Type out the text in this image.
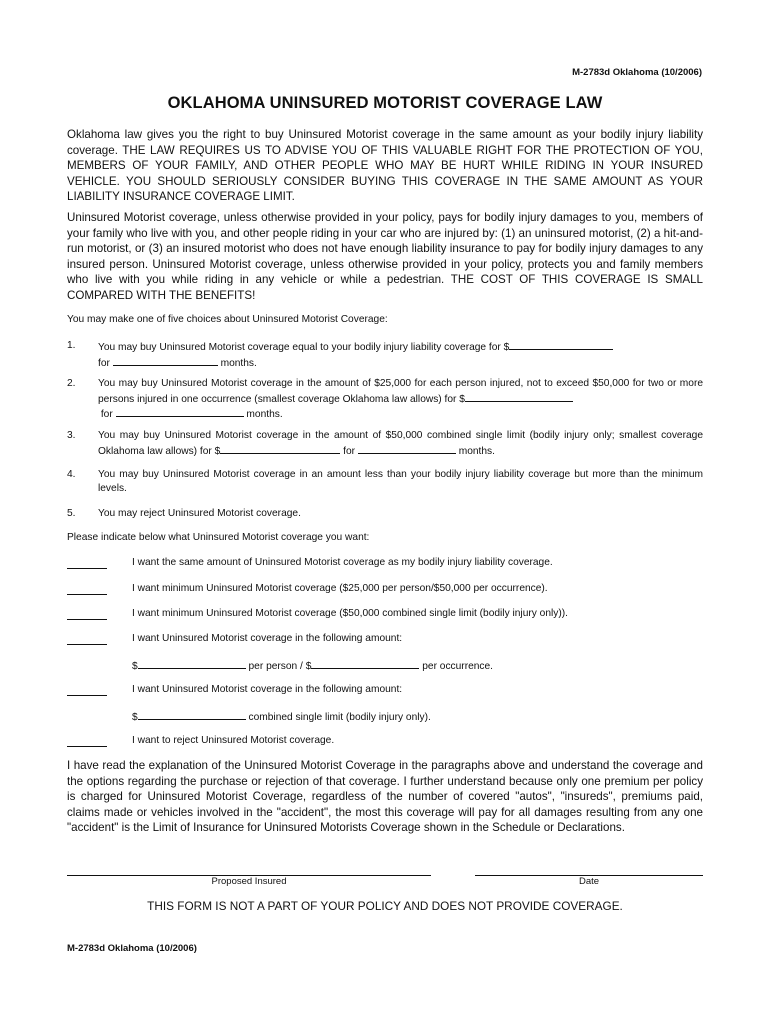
M-2783d Oklahoma (10/2006)
OKLAHOMA UNINSURED MOTORIST COVERAGE LAW

Oklahoma law gives you the right to buy Uninsured Motorist coverage in the same amount as your bodily injury liability coverage. THE LAW REQUIRES US TO ADVISE YOU OF THIS VALUABLE RIGHT FOR THE PROTECTION OF YOU, MEMBERS OF YOUR FAMILY, AND OTHER PEOPLE WHO MAY BE HURT WHILE RIDING IN YOUR INSURED VEHICLE. YOU SHOULD SERIOUSLY CONSIDER BUYING THIS COVERAGE IN THE SAME AMOUNT AS YOUR LIABILITY INSURANCE COVERAGE LIMIT.

Uninsured Motorist coverage, unless otherwise provided in your policy, pays for bodily injury damages to you, members of your family who live with you, and other people riding in your car who are injured by: (1) an uninsured motorist, (2) a hit-and-run motorist, or (3) an insured motorist who does not have enough liability insurance to pay for bodily injury damages to any insured person. Uninsured Motorist coverage, unless otherwise provided in your policy, protects you and family members who live with you while riding in any vehicle or while a pedestrian. THE COST OF THIS COVERAGE IS SMALL COMPARED WITH THE BENEFITS!

You may make one of five choices about Uninsured Motorist Coverage:
1. You may buy Uninsured Motorist coverage equal to your bodily injury liability coverage for $
for	months.
2. You may buy Uninsured Motorist coverage in the amount of $25,000 for each person injured, not to exceed $50,000 for two or more persons injured in one occurrence (smallest coverage Oklahoma law allows) for $
for	months.
3. You may buy Uninsured Motorist coverage in the amount of $50,000 combined single limit (bodily injury only; smallest coverage Oklahoma law allows) for $	for	months.
4. You may buy Uninsured Motorist coverage in an amount less than your bodily injury liability coverage but more than the minimum levels.
5. You may reject Uninsured Motorist coverage.
Please indicate below what Uninsured Motorist coverage you want:
I want the same amount of Uninsured Motorist coverage as my bodily injury liability coverage.
I want minimum Uninsured Motorist coverage ($25,000 per person/$50,000 per occurrence).
I want minimum Uninsured Motorist coverage ($50,000 combined single limit (bodily injury only)).
I want Uninsured Motorist coverage in the following amount:
$	per person / $	per occurrence.
I want Uninsured Motorist coverage in the following amount:
$	combined single limit (bodily injury only).
I want to reject Uninsured Motorist coverage.

I have read the explanation of the Uninsured Motorist Coverage in the paragraphs above and understand the coverage and the options regarding the purchase or rejection of that coverage. I further understand because only one premium per policy is charged for Uninsured Motorist Coverage, regardless of the number of covered "autos", "insureds", premiums paid, claims made or vehicles involved in the "accident", the most this coverage will pay for all damages resulting from any one "accident" is the Limit of Insurance for Uninsured Motorists Coverage shown in the Schedule or Declarations.

Proposed Insured	Date
THIS FORM IS NOT A PART OF YOUR POLICY AND DOES NOT PROVIDE COVERAGE.
M-2783d Oklahoma (10/2006)
